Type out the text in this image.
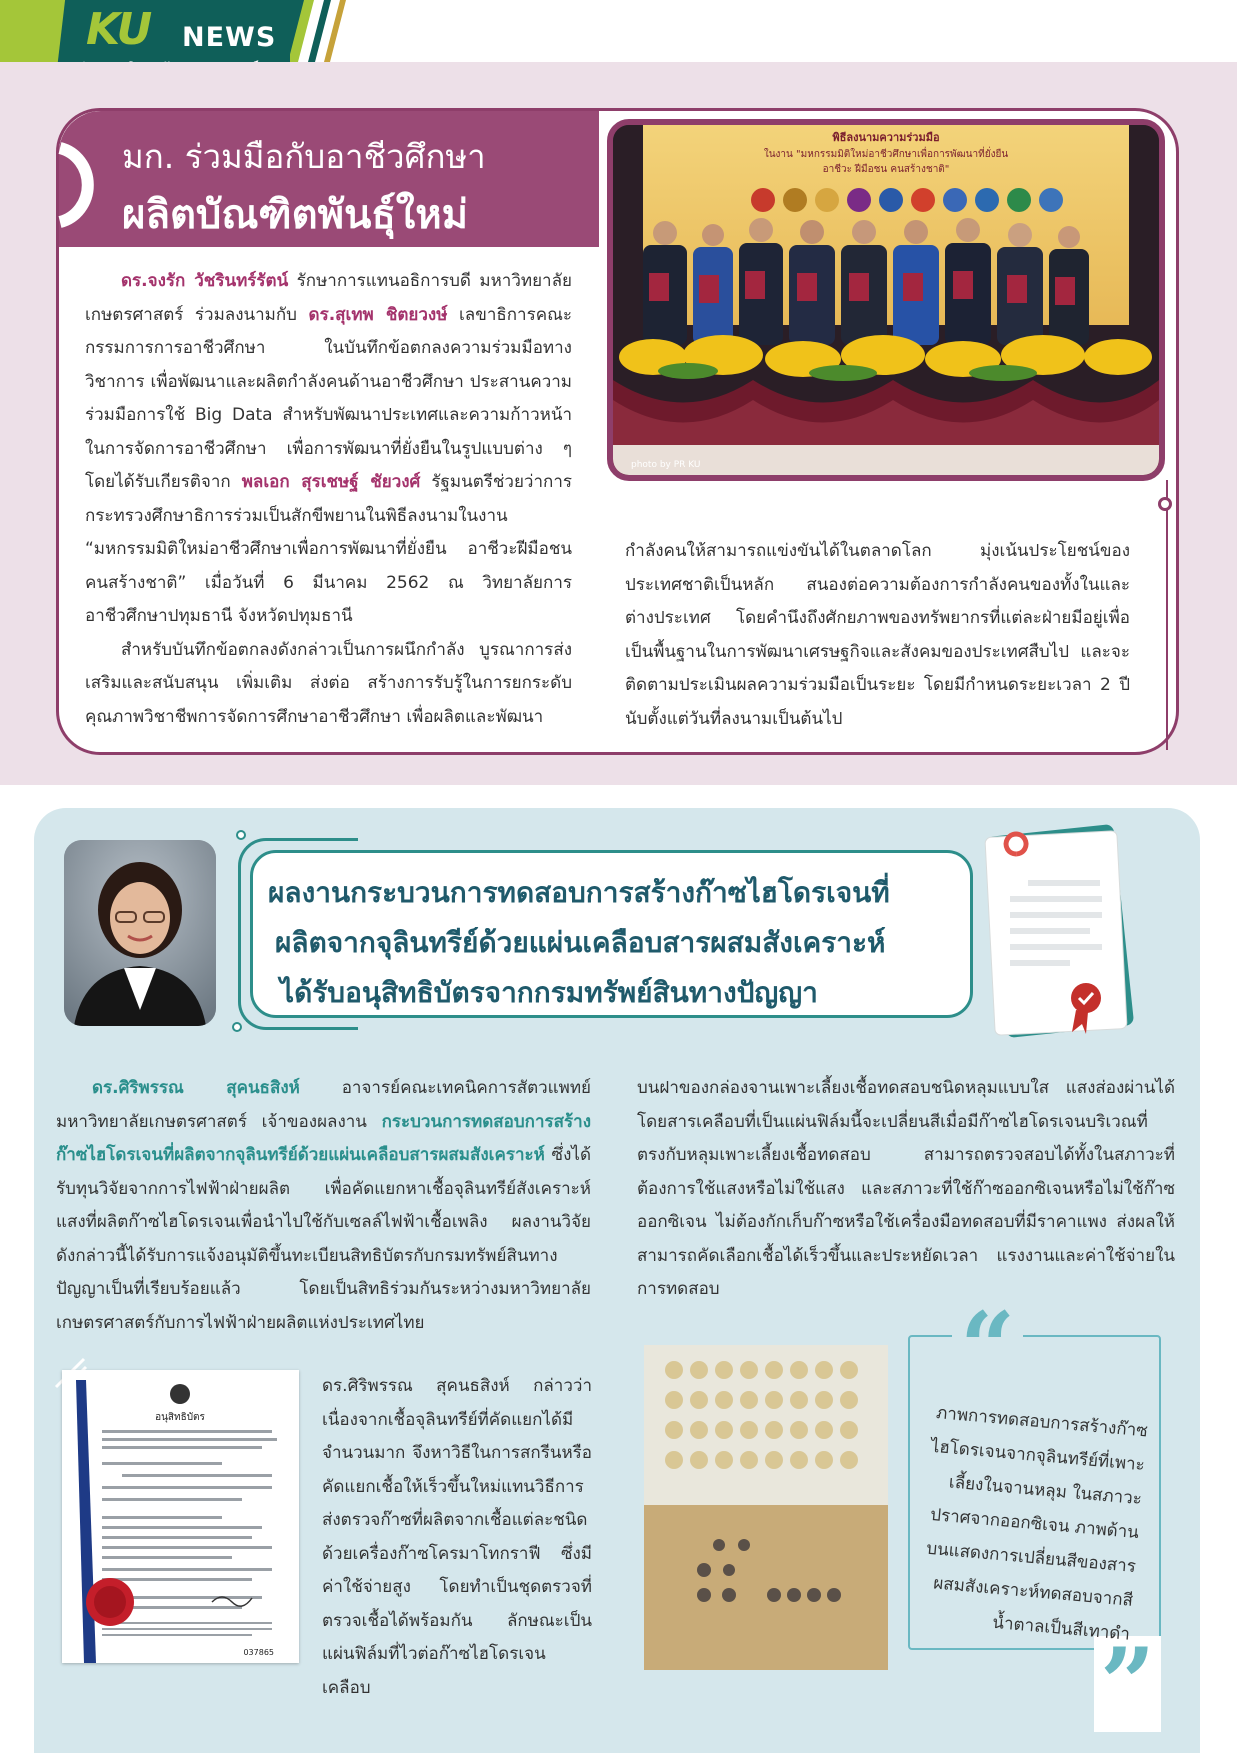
KU NEWS
มก. ร่วมมือกับอาชีวศึกษา
ผลิตบัณฑิตพันธุ์ใหม่
photo by PR KU
พิธีลงนามความร่วมมือ
ในงาน "มหกรรมมิติใหม่อาชีวศึกษาเพื่อการพัฒนาที่ยั่งยืน
อาชีวะ ฝีมือชน คนสร้างชาติ"
ดร.จงรัก วัชรินทร์รัตน์ รักษาการแทนอธิการบดี มหาวิทยาลัยเกษตรศาสตร์ ร่วมลงนามกับ ดร.สุเทพ ชิตยวงษ์ เลขาธิการคณะกรรมการการอาชีวศึกษา ในบันทึกข้อตกลงความร่วมมือทางวิชาการ เพื่อพัฒนาและผลิตกำลังคนด้านอาชีวศึกษา ประสานความร่วมมือการใช้ Big Data สำหรับพัฒนาประเทศและความก้าวหน้าในการจัดการอาชีวศึกษา เพื่อการพัฒนาที่ยั่งยืนในรูปแบบต่าง ๆ โดยได้รับเกียรติจาก พลเอก สุรเชษฐ์ ชัยวงศ์ รัฐมนตรีช่วยว่าการกระทรวงศึกษาธิการร่วมเป็นสักขีพยานในพิธีลงนามในงาน “มหกรรมมิติใหม่อาชีวศึกษาเพื่อการพัฒนาที่ยั่งยืน อาชีวะฝีมือชน คนสร้างชาติ” เมื่อวันที่ 6 มีนาคม 2562 ณ วิทยาลัยการอาชีวศึกษาปทุมธานี จังหวัดปทุมธานี
สำหรับบันทึกข้อตกลงดังกล่าวเป็นการผนึกกำลัง บูรณาการส่งเสริมและสนับสนุน เพิ่มเติม ส่งต่อ สร้างการรับรู้ในการยกระดับคุณภาพวิชาชีพการจัดการศึกษาอาชีวศึกษา เพื่อผลิตและพัฒนา
กำลังคนให้สามารถแข่งขันได้ในตลาดโลก มุ่งเน้นประโยชน์ของประเทศชาติเป็นหลัก สนองต่อความต้องการกำลังคนของทั้งในและต่างประเทศ โดยคำนึงถึงศักยภาพของทรัพยากรที่แต่ละฝ่ายมีอยู่เพื่อเป็นพื้นฐานในการพัฒนาเศรษฐกิจและสังคมของประเทศสืบไป และจะติดตามประเมินผลความร่วมมือเป็นระยะ โดยมีกำหนดระยะเวลา 2 ปี นับตั้งแต่วันที่ลงนามเป็นต้นไป
ผลงานกระบวนการทดสอบการสร้างก๊าซไฮโดรเจนที่
ผลิตจากจุลินทรีย์ด้วยแผ่นเคลือบสารผสมสังเคราะห์
ได้รับอนุสิทธิบัตรจากกรมทรัพย์สินทางปัญญา
ดร.ศิริพรรณ สุคนธสิงห์ อาจารย์คณะเทคนิคการสัตวแพทย์มหาวิทยาลัยเกษตรศาสตร์ เจ้าของผลงาน กระบวนการทดสอบการสร้างก๊าซไฮโดรเจนที่ผลิตจากจุลินทรีย์ด้วยแผ่นเคลือบสารผสมสังเคราะห์ ซึ่งได้รับทุนวิจัยจากการไฟฟ้าฝ่ายผลิต เพื่อคัดแยกหาเชื้อจุลินทรีย์สังเคราะห์แสงที่ผลิตก๊าซไฮโดรเจนเพื่อนำไปใช้กับเซลล์ไฟฟ้าเชื้อเพลิง ผลงานวิจัยดังกล่าวนี้ได้รับการแจ้งอนุมัติขึ้นทะเบียนสิทธิบัตรกับกรมทรัพย์สินทางปัญญาเป็นที่เรียบร้อยแล้ว โดยเป็นสิทธิร่วมกันระหว่างมหาวิทยาลัยเกษตรศาสตร์กับการไฟฟ้าฝ่ายผลิตแห่งประเทศไทย
บนฝาของกล่องจานเพาะเลี้ยงเชื้อทดสอบชนิดหลุมแบบใส แสงส่องผ่านได้ โดยสารเคลือบที่เป็นแผ่นฟิล์มนี้จะเปลี่ยนสีเมื่อมีก๊าซไฮโดรเจนบริเวณที่ตรงกับหลุมเพาะเลี้ยงเชื้อทดสอบ สามารถตรวจสอบได้ทั้งในสภาวะที่ต้องการใช้แสงหรือไม่ใช้แสง และสภาวะที่ใช้ก๊าซออกซิเจนหรือไม่ใช้ก๊าซออกซิเจน ไม่ต้องกักเก็บก๊าซหรือใช้เครื่องมือทดสอบที่มีราคาแพง ส่งผลให้สามารถคัดเลือกเชื้อได้เร็วขึ้นและประหยัดเวลา แรงงานและค่าใช้จ่ายในการทดสอบ
อนุสิทธิบัตร
037865
ดร.ศิริพรรณ สุคนธสิงห์ กล่าวว่า เนื่องจากเชื้อจุลินทรีย์ที่คัดแยกได้มีจำนวนมาก จึงหาวิธีในการสกรีนหรือคัดแยกเชื้อให้เร็วขึ้นใหม่แทนวิธีการส่งตรวจก๊าซที่ผลิตจากเชื้อแต่ละชนิดด้วยเครื่องก๊าซโครมาโทกราฟี ซึ่งมีค่าใช้จ่ายสูง โดยทำเป็นชุดตรวจที่ตรวจเชื้อได้พร้อมกัน ลักษณะเป็นแผ่นฟิล์มที่ไวต่อก๊าซไฮโดรเจนเคลือบ
“
”
ภาพการทดสอบการสร้างก๊าซไฮโดรเจนจากจุลินทรีย์ที่เพาะเลี้ยงในจานหลุม ในสภาวะปราศจากออกซิเจน ภาพด้านบนแสดงการเปลี่ยนสีของสารผสมสังเคราะห์ทดสอบจากสีน้ำตาลเป็นสีเทาดำ
